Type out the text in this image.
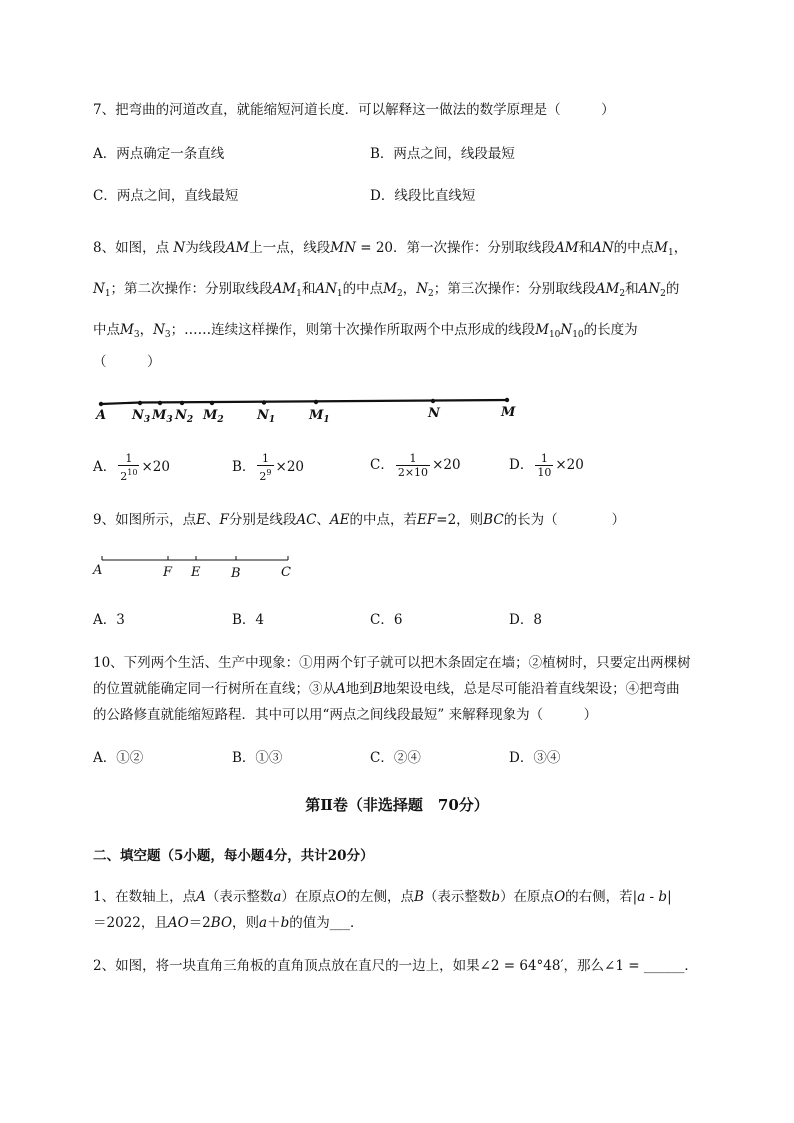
7、把弯曲的河道改直，就能缩短河道长度．可以解释这一做法的数学原理是（　　　）
A．两点确定一条直线	B．两点之间，线段最短
C．两点之间，直线最短	D．线段比直线短
8、如图，点 N为线段AM上一点，线段MN = 20．第一次操作：分别取线段AM和AN的中点$M_1$，
$N_1$；第二次操作：分别取线段$AM_1$和$AN_1$的中点$M_2$，$N_2$；第三次操作：分别取线段$AM_2$和$AN_2$的
中点$M_3$，$N_3$；……连续这样操作，则第十次操作所取两个中点形成的线段$M_{10}N_{10}$的长度为
（　　　）
A $N_3$ $M_3$ $N_2$ $M_2$	$N_1$	$M_1$	N	M
A． $\frac{1}{2^{10}} \times 20$	B． $\frac{1}{2^9} \times 20$	C． $\frac{1}{2\times 10} \times 20$	D． $\frac{1}{10} \times 20$
9、如图所示，点E、F分别是线段AC、AE的中点，若EF=2，则BC的长为（　　　　）
A	F E B	C
A．3	B．4	C．6	D．8
10、下列两个生活、生产中现象：①用两个钉子就可以把木条固定在墙；②植树时，只要定出两棵树
的位置就能确定同一行树所在直线；③从A地到B地架设电线，总是尽可能沿着直线架设；④把弯曲
的公路修直就能缩短路程．其中可以用“两点之间线段最短” 来解释现象为（　　　）
A．①②	B．①③	C．②④	D．③④
第Ⅱ卷（非选择题　70分）
二、填空题（5小题，每小题4分，共计20分）
1、在数轴上，点A（表示整数a）在原点O的左侧，点B（表示整数b）在原点O的右侧，若|a - b|
＝2022，且AO＝2BO，则a＋b的值为___．
2、如图，将一块直角三角板的直角顶点放在直尺的一边上，如果∠2 = 64°48′，那么∠1 = ______．
